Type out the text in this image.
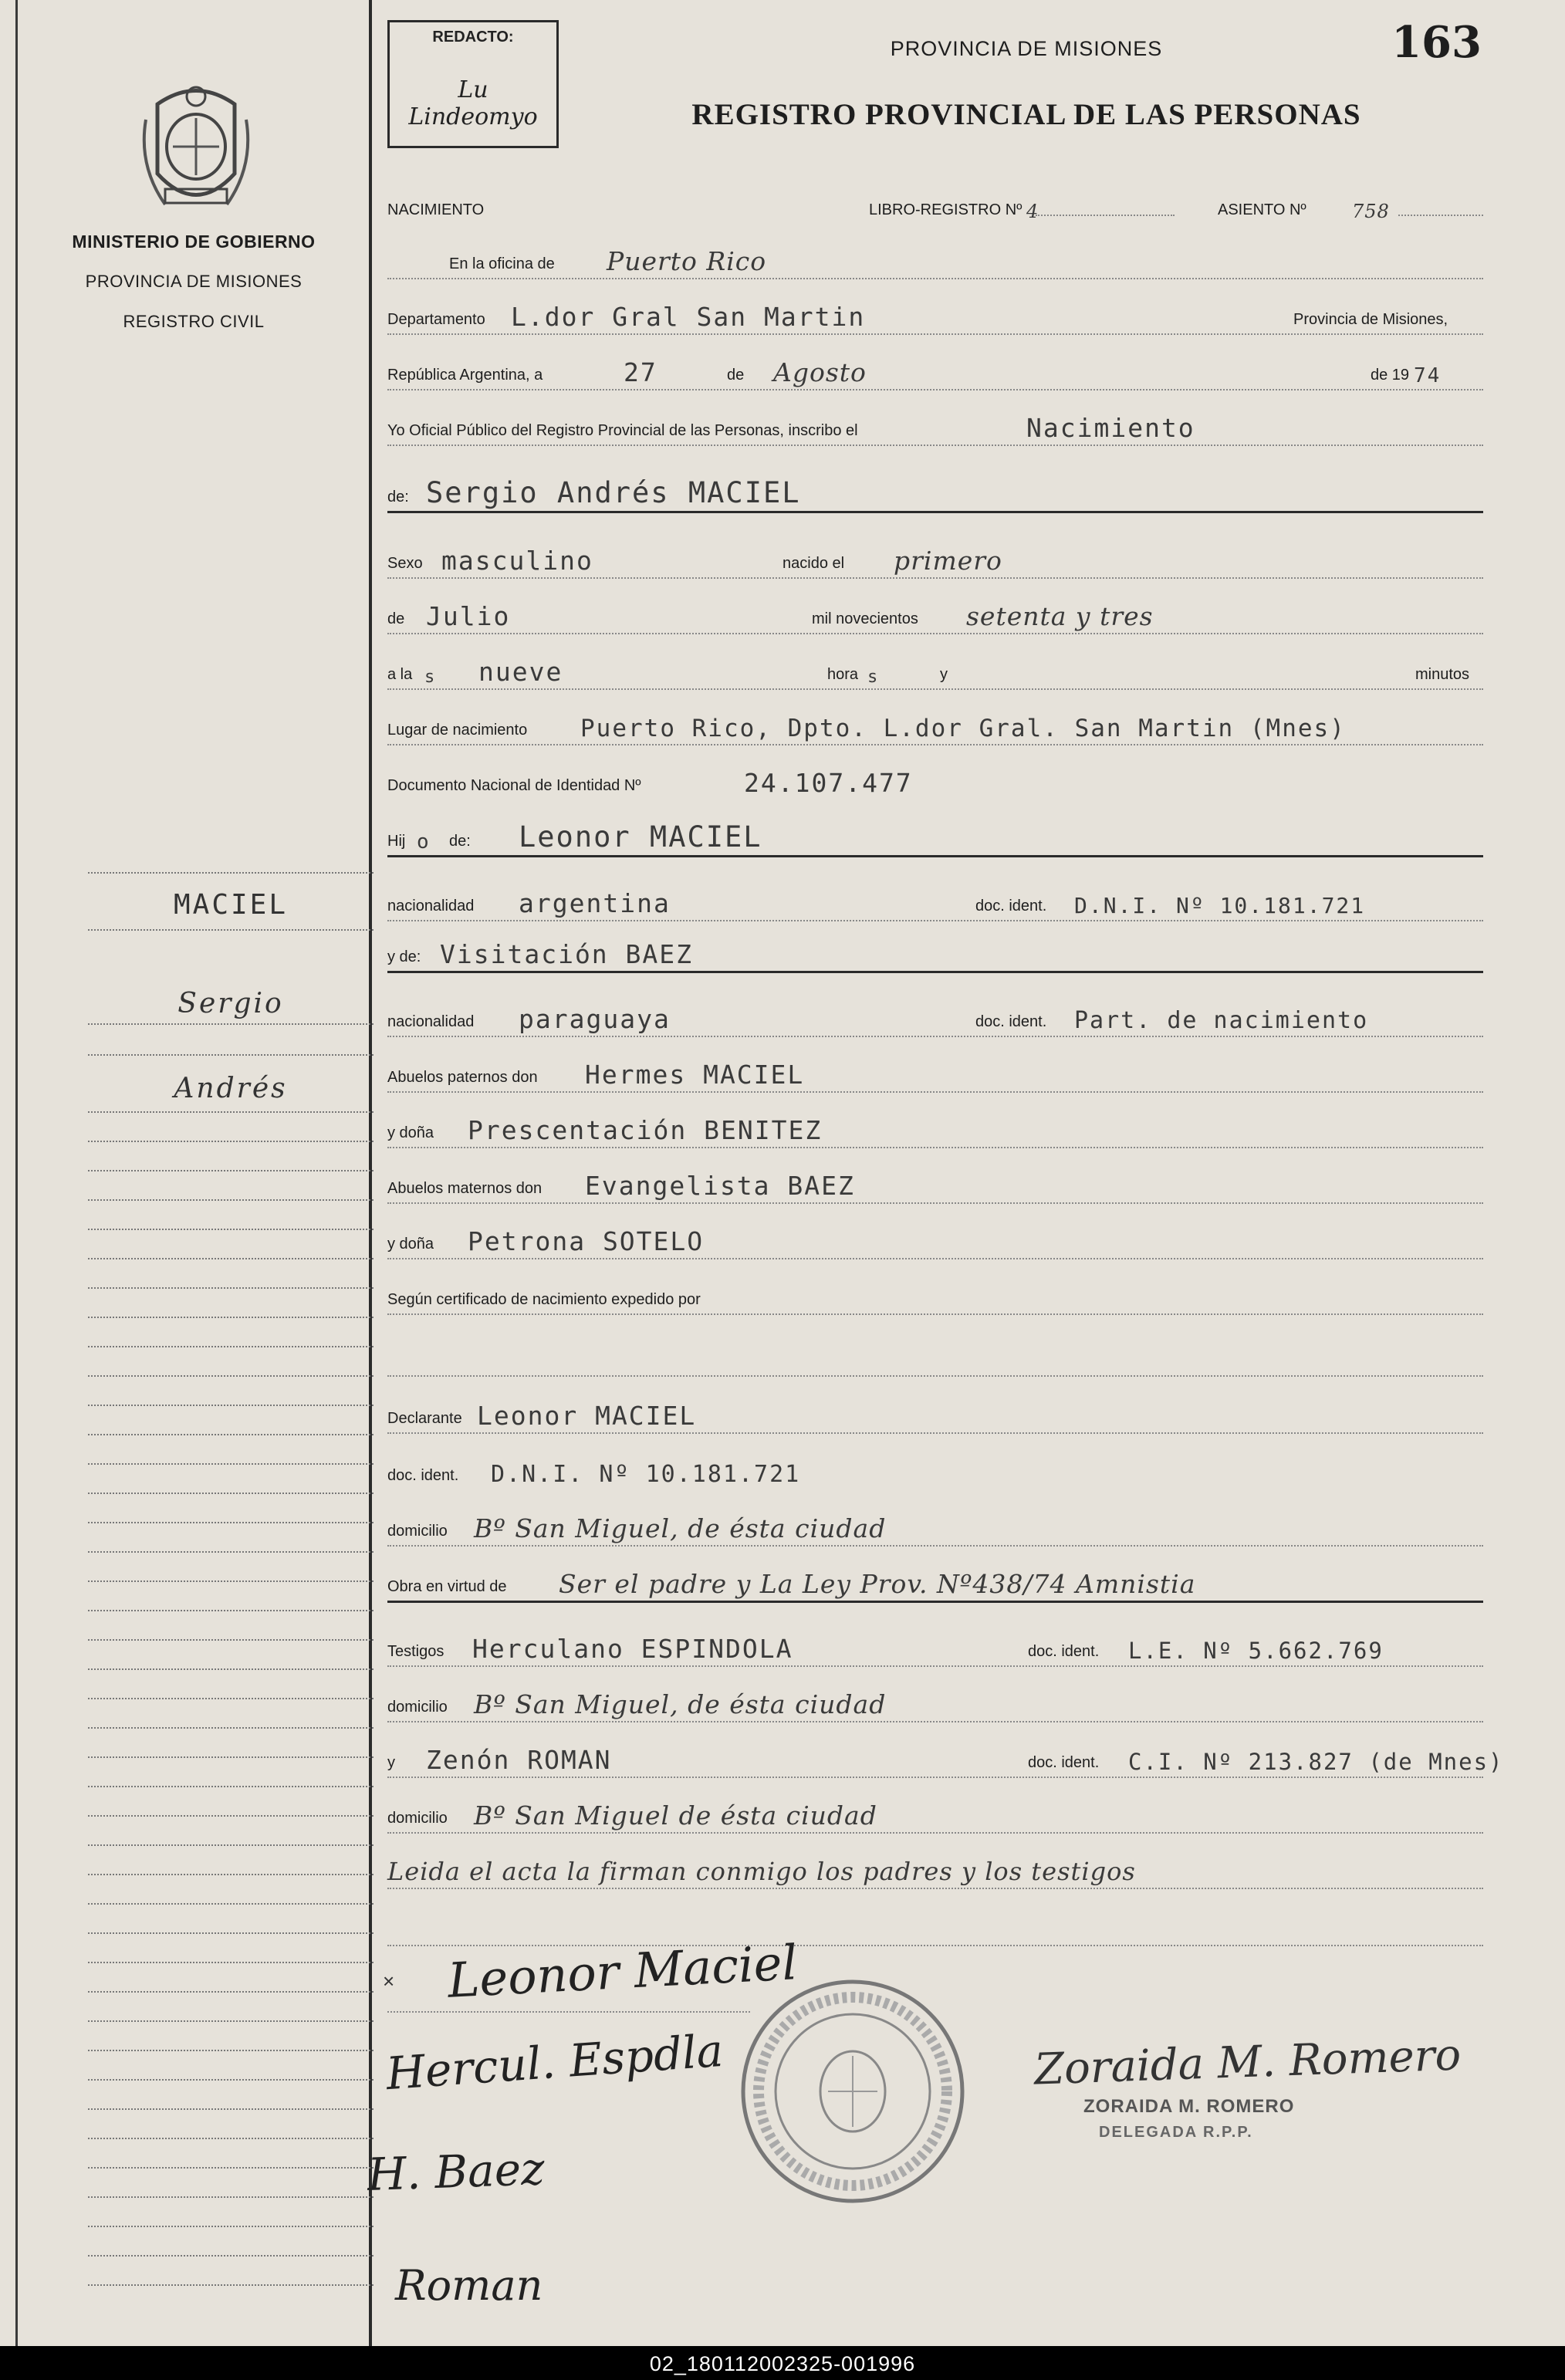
MINISTERIO DE GOBIERNO
PROVINCIA DE MISIONES
REGISTRO CIVIL
MACIEL
Sergio
Andrés
REDACTO:
Lu Lindeomyo
PROVINCIA DE MISIONES	163
REGISTRO PROVINCIAL DE LAS PERSONAS
NACIMIENTO	LIBRO-REGISTRO Nº 4	ASIENTO Nº 758
En la oficina de Puerto Rico
Departamento L.dor Gral San Martin	Provincia de Misiones,
República Argentina, a	27	de Agosto	de 19 74
Yo Oficial Público del Registro Provincial de las Personas, inscribo el	Nacimiento
de: Sergio Andrés MACIEL
Sexo masculino	nacido el primero
de Julio	mil novecientos setenta y tres
a la s nueve	hora s	y	minutos
Lugar de nacimiento Puerto Rico, Dpto. L.dor Gral. San Martin (Mnes)
Documento Nacional de Identidad Nº	24.107.477
Hij o de: Leonor MACIEL
nacionalidad argentina	doc. ident. D.N.I. Nº 10.181.721
y de: Visitación BAEZ
nacionalidad paraguaya	doc. ident. Part. de nacimiento
Abuelos paternos don Hermes MACIEL
y doña Prescentación BENITEZ
Abuelos maternos don Evangelista BAEZ
y doña Petrona SOTELO
Según certificado de nacimiento expedido por
Declarante Leonor MACIEL
doc. ident. D.N.I. Nº 10.181.721
domicilio Bº San Miguel, de ésta ciudad
Obra en virtud de Ser el padre y La Ley Prov. Nº438/74 Amnistia
Testigos Herculano ESPINDOLA	doc. ident. L.E. Nº 5.662.769
domicilio Bº San Miguel, de ésta ciudad
y Zenón ROMAN	doc. ident. C.I. Nº 213.827 (de Mnes)
domicilio Bº San Miguel de ésta ciudad
Leida el acta la firman conmigo los padres y los testigos
× Leonor Maciel
Hercul. Espdla
H. Baez
Roman
Zoraida M. Romero
ZORAIDA M. ROMERO
DELEGADA R.P.P.
02_180112002325-001996
